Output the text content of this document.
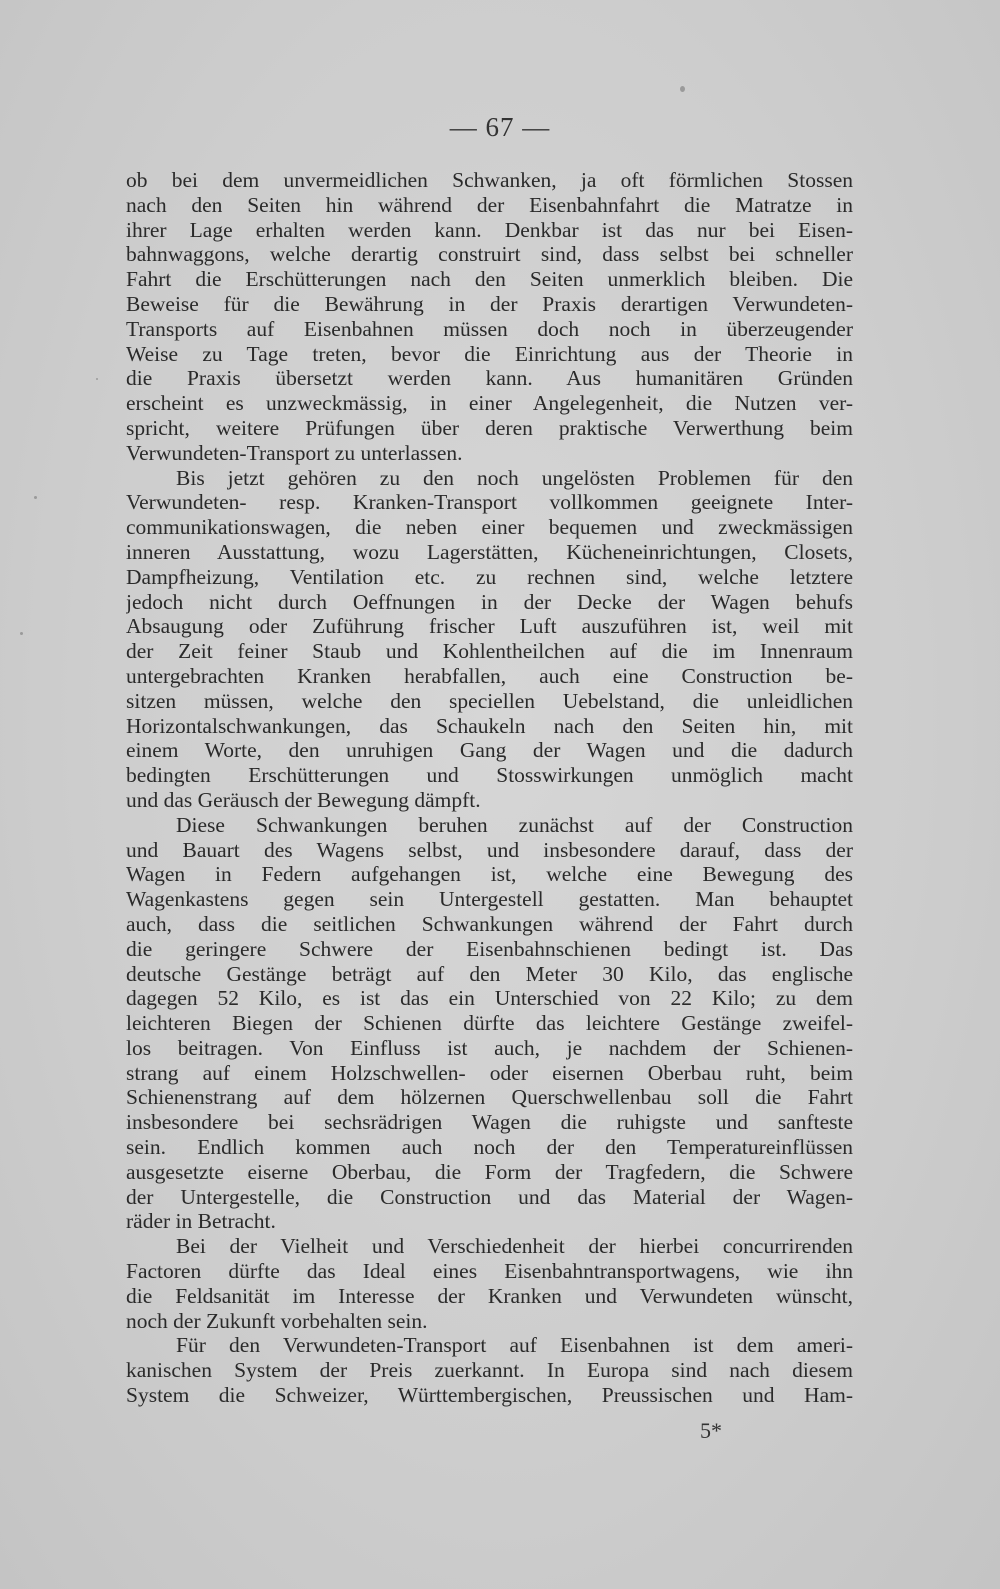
— 67 —
ob bei dem unvermeidlichen Schwanken, ja oft förmlichen Stossen
nach den Seiten hin während der Eisenbahnfahrt die Matratze in
ihrer Lage erhalten werden kann. Denkbar ist das nur bei Eisen-
bahnwaggons, welche derartig construirt sind, dass selbst bei schneller
Fahrt die Erschütterungen nach den Seiten unmerklich bleiben. Die
Beweise für die Bewährung in der Praxis derartigen Verwundeten-
Transports auf Eisenbahnen müssen doch noch in überzeugender
Weise zu Tage treten, bevor die Einrichtung aus der Theorie in
die Praxis übersetzt werden kann. Aus humanitären Gründen
erscheint es unzweckmässig, in einer Angelegenheit, die Nutzen ver-
spricht, weitere Prüfungen über deren praktische Verwerthung beim
Verwundeten-Transport zu unterlassen.
Bis jetzt gehören zu den noch ungelösten Problemen für den
Verwundeten- resp. Kranken-Transport vollkommen geeignete Inter-
communikationswagen, die neben einer bequemen und zweckmässigen
inneren Ausstattung, wozu Lagerstätten, Kücheneinrichtungen, Closets,
Dampfheizung, Ventilation etc. zu rechnen sind, welche letztere
jedoch nicht durch Oeffnungen in der Decke der Wagen behufs
Absaugung oder Zuführung frischer Luft auszuführen ist, weil mit
der Zeit feiner Staub und Kohlentheilchen auf die im Innenraum
untergebrachten Kranken herabfallen, auch eine Construction be-
sitzen müssen, welche den speciellen Uebelstand, die unleidlichen
Horizontalschwankungen, das Schaukeln nach den Seiten hin, mit
einem Worte, den unruhigen Gang der Wagen und die dadurch
bedingten Erschütterungen und Stosswirkungen unmöglich macht
und das Geräusch der Bewegung dämpft.
Diese Schwankungen beruhen zunächst auf der Construction
und Bauart des Wagens selbst, und insbesondere darauf, dass der
Wagen in Federn aufgehangen ist, welche eine Bewegung des
Wagenkastens gegen sein Untergestell gestatten. Man behauptet
auch, dass die seitlichen Schwankungen während der Fahrt durch
die geringere Schwere der Eisenbahnschienen bedingt ist. Das
deutsche Gestänge beträgt auf den Meter 30 Kilo, das englische
dagegen 52 Kilo, es ist das ein Unterschied von 22 Kilo; zu dem
leichteren Biegen der Schienen dürfte das leichtere Gestänge zweifel-
los beitragen. Von Einfluss ist auch, je nachdem der Schienen-
strang auf einem Holzschwellen- oder eisernen Oberbau ruht, beim
Schienenstrang auf dem hölzernen Querschwellenbau soll die Fahrt
insbesondere bei sechsrädrigen Wagen die ruhigste und sanfteste
sein. Endlich kommen auch noch der den Temperatureinflüssen
ausgesetzte eiserne Oberbau, die Form der Tragfedern, die Schwere
der Untergestelle, die Construction und das Material der Wagen-
räder in Betracht.
Bei der Vielheit und Verschiedenheit der hierbei concurrirenden
Factoren dürfte das Ideal eines Eisenbahntransportwagens, wie ihn
die Feldsanität im Interesse der Kranken und Verwundeten wünscht,
noch der Zukunft vorbehalten sein.
Für den Verwundeten-Transport auf Eisenbahnen ist dem ameri-
kanischen System der Preis zuerkannt. In Europa sind nach diesem
System die Schweizer, Württembergischen, Preussischen und Ham-
5*
